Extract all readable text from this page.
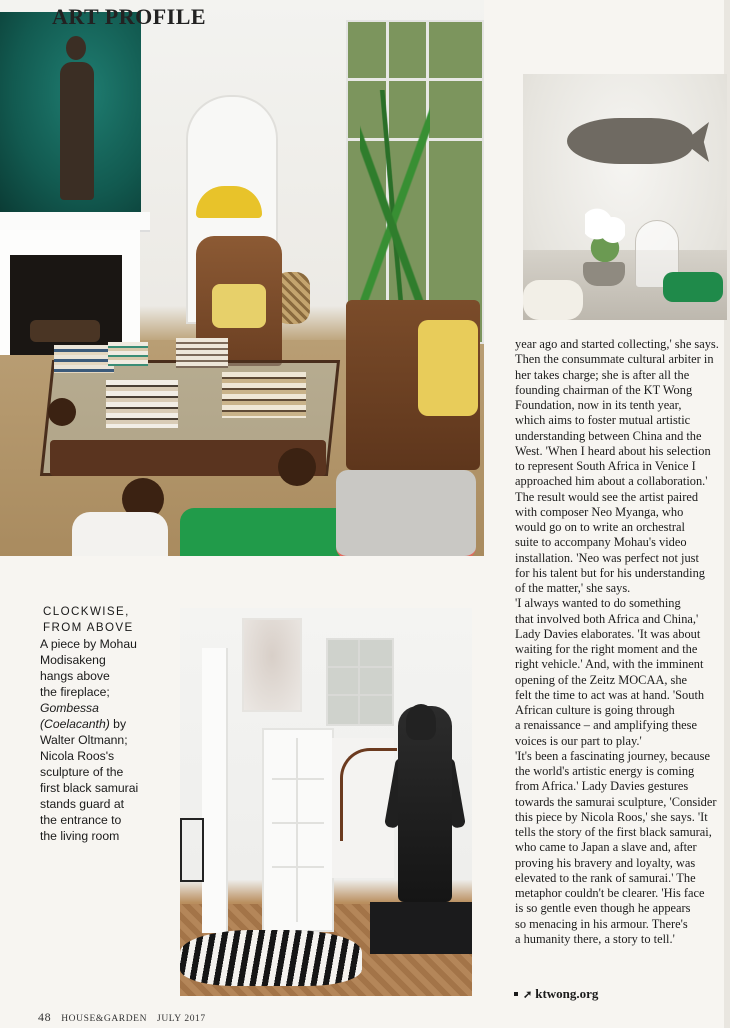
ART PROFILE
CLOCKWISE,
FROM ABOVE
A piece by Mohau
Modisakeng
hangs above
the fireplace;
Gombessa
(Coelacanth) by
Walter Oltmann;
Nicola Roos's
sculpture of the
first black samurai
stands guard at
the entrance to
the living room
year ago and started collecting,' she says.
Then the consummate cultural arbiter in
her takes charge; she is after all the
founding chairman of the KT Wong
Foundation, now in its tenth year,
which aims to foster mutual artistic
understanding between China and the
West. 'When I heard about his selection
to represent South Africa in Venice I
approached him about a collaboration.'
The result would see the artist paired
with composer Neo Myanga, who
would go on to write an orchestral
suite to accompany Mohau's video
installation. 'Neo was perfect not just
for his talent but for his understanding
of the matter,' she says.
'I always wanted to do something
that involved both Africa and China,'
Lady Davies elaborates. 'It was about
waiting for the right moment and the
right vehicle.' And, with the imminent
opening of the Zeitz MOCAA, she
felt the time to act was at hand. 'South
African culture is going through
a renaissance – and amplifying these
voices is our part to play.'
'It's been a fascinating journey, because
the world's artistic energy is coming
from Africa.' Lady Davies gestures
towards the samurai sculpture, 'Consider
this piece by Nicola Roos,' she says. 'It
tells the story of the first black samurai,
who came to Japan a slave and, after
proving his bravery and loyalty, was
elevated to the rank of samurai.' The
metaphor couldn't be clearer. 'His face
is so gentle even though he appears
so menacing in his armour. There's
a humanity there, a story to tell.'
➚ ktwong.org
48 HOUSE&GARDEN JULY 2017
